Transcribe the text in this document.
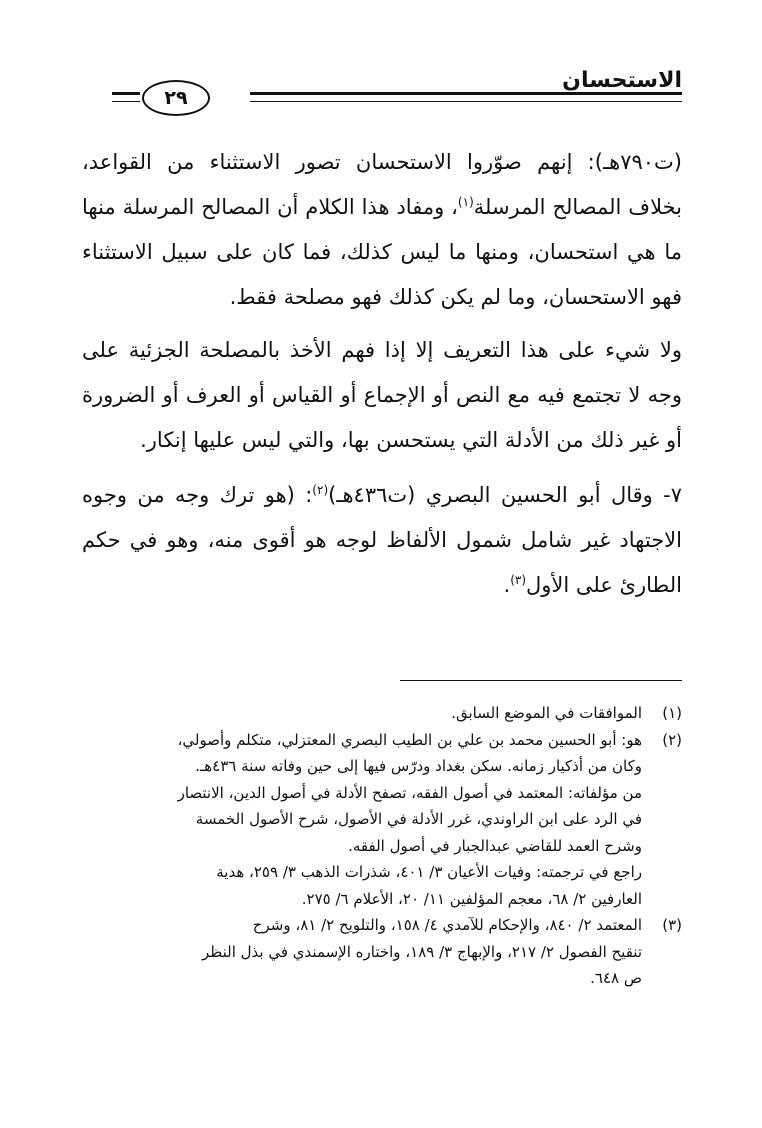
الاستحسان
٢٩

(ت٧٩٠هـ): إنهم صوّروا الاستحسان تصور الاستثناء من القواعد، بخلاف المصالح المرسلة$^{(١)}$، ومفاد هذا الكلام أن المصالح المرسلة منها ما هي استحسان، ومنها ما ليس كذلك، فما كان على سبيل الاستثناء فهو الاستحسان، وما لم يكن كذلك فهو مصلحة فقط.

ولا شيء على هذا التعريف إلا إذا فهم الأخذ بالمصلحة الجزئية على وجه لا تجتمع فيه مع النص أو الإجماع أو القياس أو العرف أو الضرورة أو غير ذلك من الأدلة التي يستحسن بها، والتي ليس عليها إنكار.

٧- وقال أبو الحسين البصري (ت٤٣٦هـ)$^{(٢)}$: (هو ترك وجه من وجوه الاجتهاد غير شامل شمول الألفاظ لوجه هو أقوى منه، وهو في حكم الطارئ على الأول$^{(٣)}$.

(١)
الموافقات في الموضع السابق.
(٢)
هو: أبو الحسين محمد بن علي بن الطيب البصري المعتزلي، متكلم وأصولي،
وكان من أذكيار زمانه. سكن بغداد ودرّس فيها إلى حين وفاته سنة ٤٣٦هـ.
من مؤلفاته: المعتمد في أصول الفقه، تصفح الأدلة في أصول الدين، الانتصار
في الرد على ابن الراوندي، غرر الأدلة في الأصول، شرح الأصول الخمسة
وشرح العمد للقاضي عبدالجبار في أصول الفقه.
راجع في ترجمته: وفيات الأعيان ٣/ ٤٠١، شذرات الذهب ٣/ ٢٥٩، هدية
العارفين ٢/ ٦٨، معجم المؤلفين ١١/ ٢٠، الأعلام ٦/ ٢٧٥.
(٣)
المعتمد ٢/ ٨٤٠، والإحكام للآمدي ٤/ ١٥٨، والتلويح ٢/ ٨١، وشرح
تنقيح الفصول ٢/ ٢١٧، والإبهاج ٣/ ١٨٩، واختاره الإسمندي في بذل النظر
ص ٦٤٨.
